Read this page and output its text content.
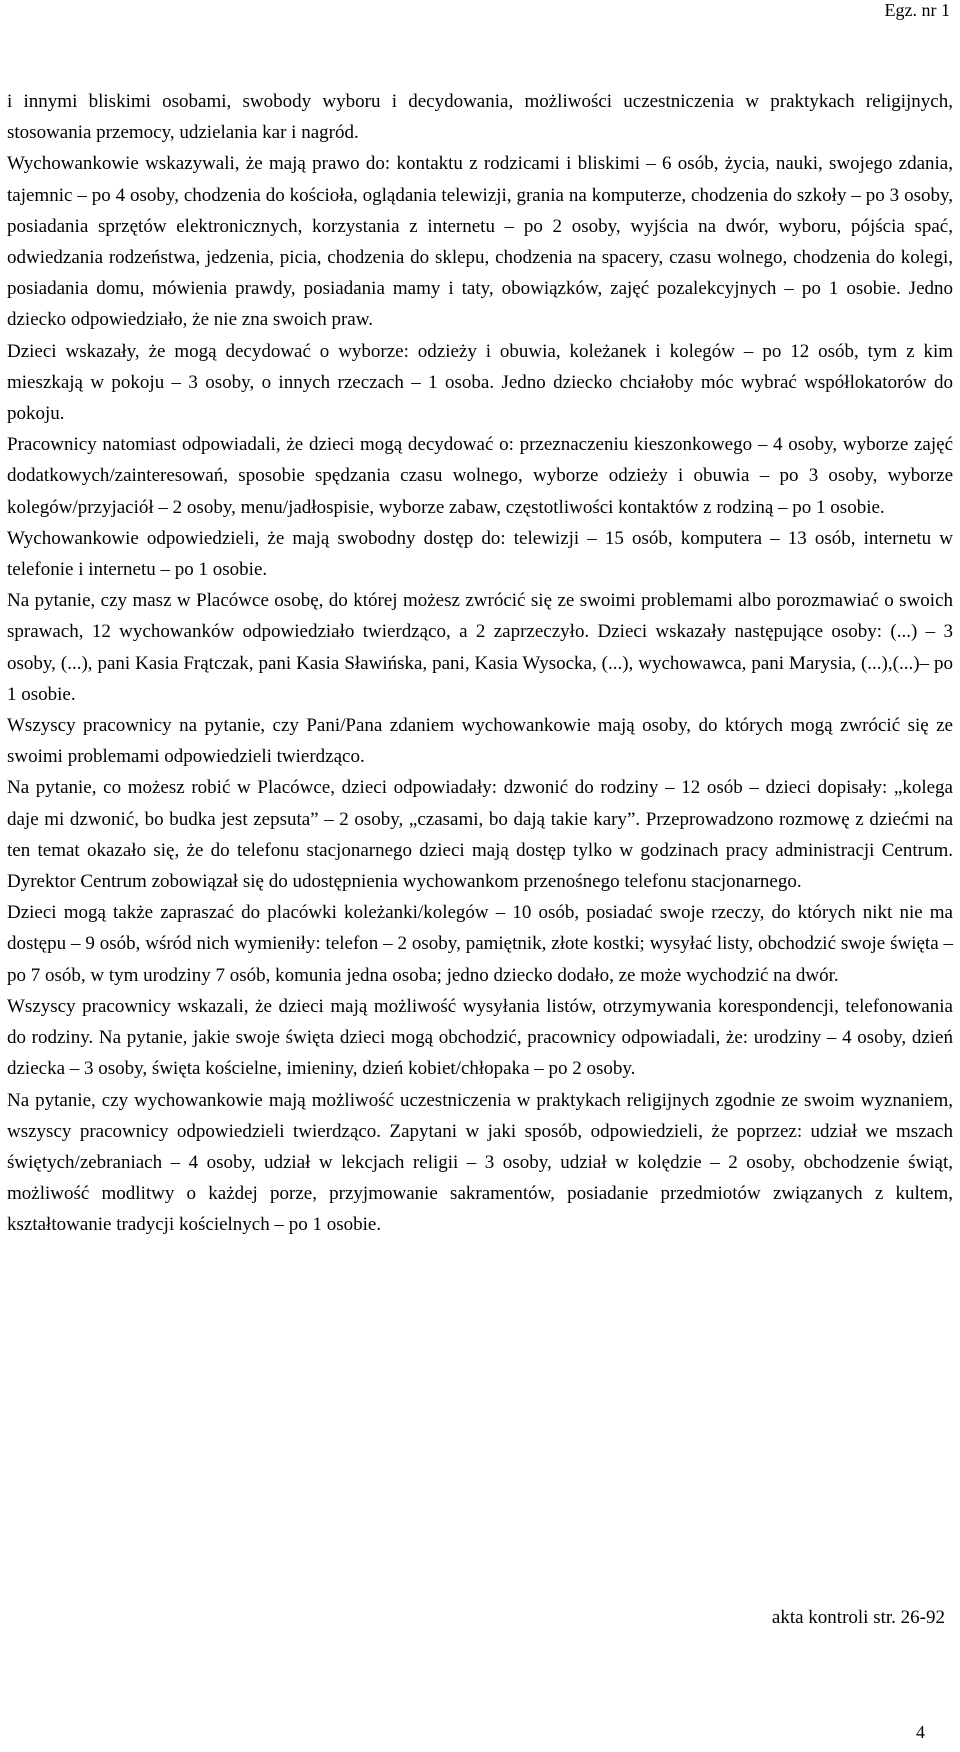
Egz. nr 1

i innymi bliskimi osobami, swobody wyboru i decydowania, możliwości uczestniczenia w praktykach religijnych, stosowania przemocy, udzielania kar i nagród.

Wychowankowie wskazywali, że mają prawo do: kontaktu z rodzicami i bliskimi – 6 osób, życia, nauki, swojego zdania, tajemnic – po 4 osoby, chodzenia do kościoła, oglądania telewizji, grania na komputerze, chodzenia do szkoły – po 3 osoby, posiadania sprzętów elektronicznych, korzystania z internetu – po 2 osoby, wyjścia na dwór, wyboru, pójścia spać, odwiedzania rodzeństwa, jedzenia, picia, chodzenia do sklepu, chodzenia na spacery, czasu wolnego, chodzenia do kolegi, posiadania domu, mówienia prawdy, posiadania mamy i taty, obowiązków, zajęć pozalekcyjnych – po 1 osobie. Jedno dziecko odpowiedziało, że nie zna swoich praw.

Dzieci wskazały, że mogą decydować o wyborze: odzieży i obuwia, koleżanek i kolegów – po 12 osób, tym z kim mieszkają w pokoju – 3 osoby, o innych rzeczach – 1 osoba. Jedno dziecko chciałoby móc wybrać współlokatorów do pokoju.

Pracownicy natomiast odpowiadali, że dzieci mogą decydować o: przeznaczeniu kieszonkowego – 4 osoby, wyborze zajęć dodatkowych/zainteresowań, sposobie spędzania czasu wolnego, wyborze odzieży i obuwia – po 3 osoby, wyborze kolegów/przyjaciół – 2 osoby, menu/jadłospisie, wyborze zabaw, częstotliwości kontaktów z rodziną – po 1 osobie.

Wychowankowie odpowiedzieli, że mają swobodny dostęp do: telewizji – 15 osób, komputera – 13 osób, internetu w telefonie i internetu – po 1 osobie.

Na pytanie, czy masz w Placówce osobę, do której możesz zwrócić się ze swoimi problemami albo porozmawiać o swoich sprawach, 12 wychowanków odpowiedziało twierdząco, a 2 zaprzeczyło. Dzieci wskazały następujące osoby: (...) – 3 osoby, (...), pani Kasia Frątczak, pani Kasia Sławińska, pani, Kasia Wysocka, (...), wychowawca, pani Marysia, (...),(...)– po 1 osobie.

Wszyscy pracownicy na pytanie, czy Pani/Pana zdaniem wychowankowie mają osoby, do których mogą zwrócić się ze swoimi problemami odpowiedzieli twierdząco.

Na pytanie, co możesz robić w Placówce, dzieci odpowiadały: dzwonić do rodziny – 12 osób – dzieci dopisały: „kolega daje mi dzwonić, bo budka jest zepsuta” – 2 osoby, „czasami, bo dają takie kary”. Przeprowadzono rozmowę z dziećmi na ten temat okazało się, że do telefonu stacjonarnego dzieci mają dostęp tylko w godzinach pracy administracji Centrum. Dyrektor Centrum zobowiązał się do udostępnienia wychowankom przenośnego telefonu stacjonarnego.

Dzieci mogą także zapraszać do placówki koleżanki/kolegów – 10 osób, posiadać swoje rzeczy, do których nikt nie ma dostępu – 9 osób, wśród nich wymieniły: telefon – 2 osoby, pamiętnik, złote kostki; wysyłać listy, obchodzić swoje święta – po 7 osób, w tym urodziny 7 osób, komunia jedna osoba; jedno dziecko dodało, ze może wychodzić na dwór.

Wszyscy pracownicy wskazali, że dzieci mają możliwość wysyłania listów, otrzymywania korespondencji, telefonowania do rodziny. Na pytanie, jakie swoje święta dzieci mogą obchodzić, pracownicy odpowiadali, że: urodziny – 4 osoby, dzień dziecka – 3 osoby, święta kościelne, imieniny, dzień kobiet/chłopaka – po 2 osoby.

Na pytanie, czy wychowankowie mają możliwość uczestniczenia w praktykach religijnych zgodnie ze swoim wyznaniem, wszyscy pracownicy odpowiedzieli twierdząco. Zapytani w jaki sposób, odpowiedzieli, że poprzez: udział we mszach świętych/zebraniach – 4 osoby, udział w lekcjach religii – 3 osoby, udział w kolędzie – 2 osoby, obchodzenie świąt, możliwość modlitwy o każdej porze, przyjmowanie sakramentów, posiadanie przedmiotów związanych z kultem, kształtowanie tradycji kościelnych – po 1 osobie.

akta kontroli str. 26-92
4
